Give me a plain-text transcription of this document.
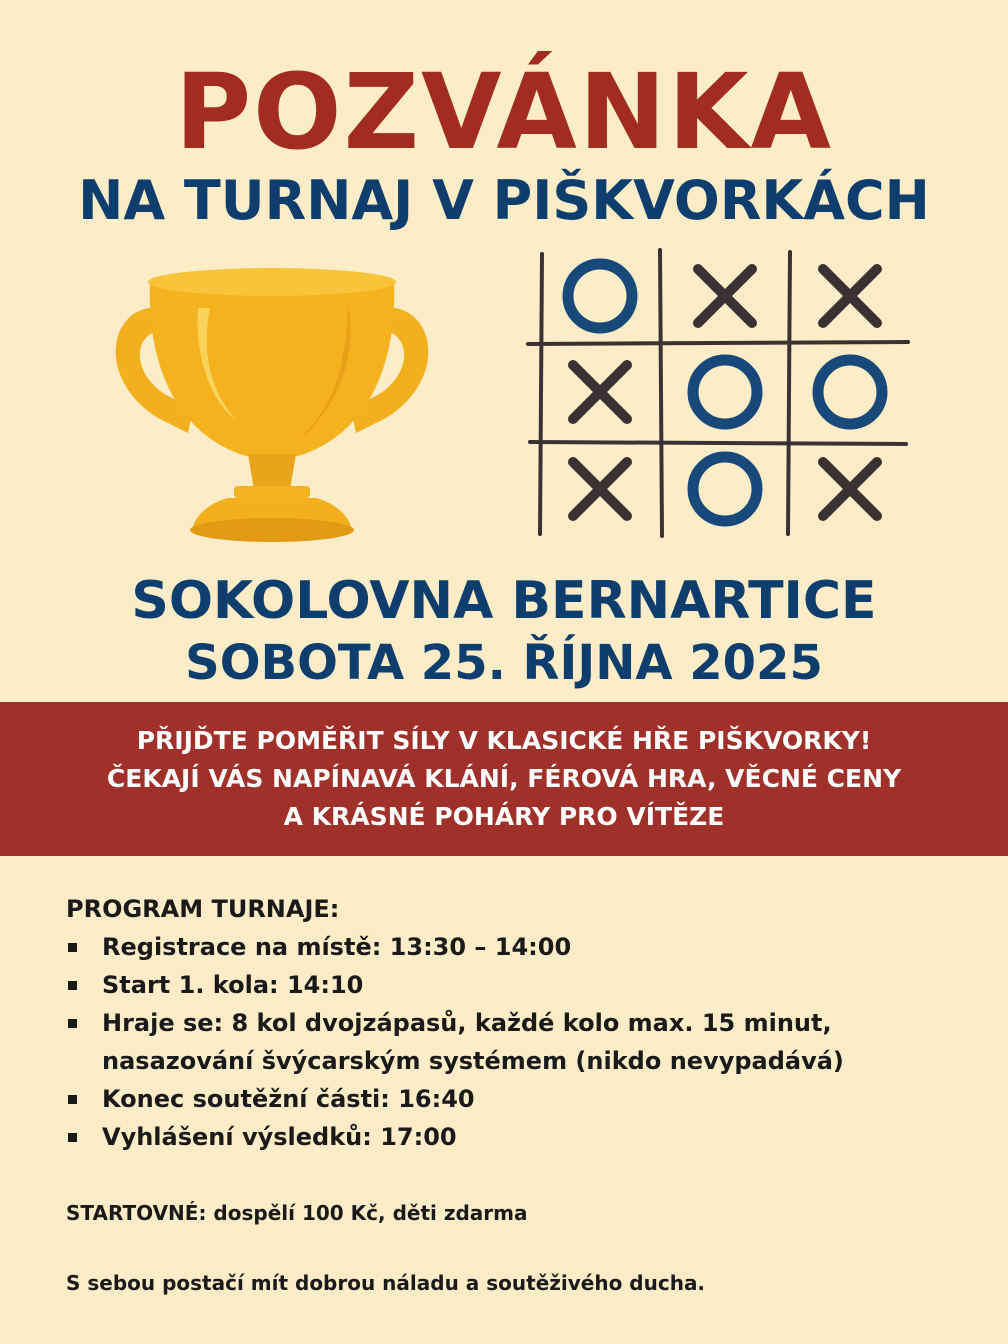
POZVÁNKA
NA TURNAJ V PIŠKVORKÁCH
SOKOLOVNA BERNARTICE
SOBOTA 25. ŘÍJNA 2025
PŘIJĎTE POMĚŘIT SÍLY V KLASICKÉ HŘE PIŠKVORKY!
ČEKAJÍ VÁS NAPÍNAVÁ KLÁNÍ, FÉROVÁ HRA, VĚCNÉ CENY
A KRÁSNÉ POHÁRY PRO VÍTĚZE

PROGRAM TURNAJE:

Registrace na místě: 13:30 – 14:00
Start 1. kola: 14:10
Hraje se: 8 kol dvojzápasů, každé kolo max. 15 minut, nasazování švýcarským systémem (nikdo nevypadává)
Konec soutěžní části: 16:40
Vyhlášení výsledků: 17:00
STARTOVNÉ: dospělí 100 Kč, děti zdarma
S sebou postačí mít dobrou náladu a soutěživého ducha.
